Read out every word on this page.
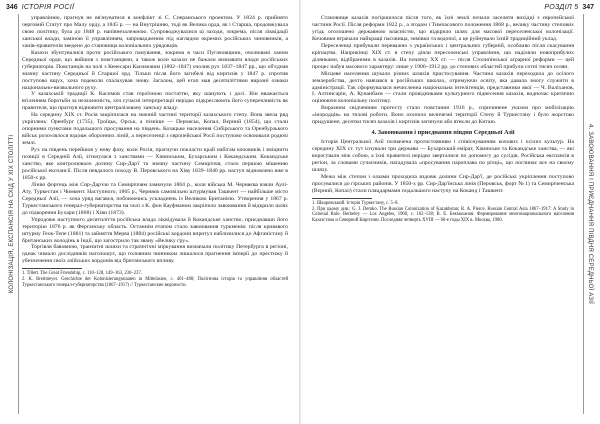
346 ІСТОРІЯ РОСІЇ
КОЛОНІЗАЦІЯ, ЕКСПАНСІЯ НА СХІД У XIX СТОЛІТТІ

управлінню, прагнув не вв'язуватися в конфлікт зі С. Сперанського проектом. У 1824 р. прийнято черговий Статут про Малу орду, а 1845 р. — на Внутрішню, тоді як Велика орда, як і Старша, продовжувала свою політику, була до 1848 р. напівнезалежною. Супроводжувалися ці заходи, зокрема, після ліквідації ханської влади, заміною її управлінням, запровадженим під наглядом окремих російських чиновників, а ханів-правителів зведено до становища колоніальних урядовців.

Казахи збунтувалися проти російського панування, зокрема в часи Пугачовщини, очолювані ханом Середньої орди, що вийшов з повстанцями, а також коли казахи не бажали визнавати влади російських губернаторів. Повстанців на чолі з Кенесари Касимовим (1802–1847) очолив рух 1837–1847 рр., що об'єднав значну частину Середньої й Старшої орд. Тільки після його загибелі від киргизів у 1847 р. спротив поступово вщух, хоча подеколи спалахував знову. Загалом, цей етап мав десятиліттями виразні ознаки національно-визвольного руху.

У казахській традиції К. Касимов став героїчною постаттю, яку шанують і досі. Він вважається втіленням боротьби за незалежність, хоч сучасні інтерпретації нерідко підкреслюють його суперечливість як правителя, що прагнув відновити централізовану ханську владу.

На середину XIX ст. Росія закріпилася на значній частині території казахського степу. Вона звела ряд укріплень: Оренбург (1735), Троїцьк, Орськ, а пізніше — Перовськ, Копал, Вєрний (1854), що стали опорними пунктами подальшого просування на південь. Козацьке населення Сибірського та Оренбурзького військ розселялося вздовж оборонних ліній, а переселенці з європейської Росії поступово освоювали родючі землі.

Рух на південь перейшов у нову фазу, коли Росія, прагнучи покласти край набігам кочовиків і зміцнити позиції в Середній Азії, зіткнулася з ханствами — Хівинським, Бухарським і Кокандським. Кокандське ханство, яке контролювало долину Сир-Дар'ї та значну частину Семиріччя, стало першою мішенню російської експансії. Після невдалого походу В. Перовського на Хіву 1839–1840 рр. наступ відновлено вже в 1850-х рр.

Лінію фортець між Сир-Дар'єю та Семиріччям замкнули 1864 р., коли війська М. Черняєва взяли Аулі-Ату, Туркестан і Чимкент. Наступного, 1865 р., Черняєв самовільно штурмував Ташкент — найбільше місто Середньої Азії, — хоча уряд вагався, побоюючись ускладнень із Великою Британією. Утворення у 1867 р. Туркестанського генерал-губернаторства на чолі з К. фон Кауфманом закріпило завоювання й відкрило шлях до підкорення Бухари (1868) і Хіви (1873).

Упродовж наступного десятиліття російська влада ліквідувала й Кокандське ханство, приєднавши його територію 1876 р. як Ферганську область. Останнім етапом стало завоювання туркменів: після кривавого штурму Геок-Тепе (1881) та зайняття Мерва (1884) російські кордони впритул наблизилися до Афганістану й британських володінь в Індії, що загострило так звану «Велику гру».

Торгівля бавовною, транзитні шляхи та стратегічні міркування визначали політику Петербурга в регіоні, однак чимало дослідників наголошує, що головним чинником лишалося прагнення імперії до престижу й убезпечення своїх азійських кордонів від британського впливу.

1. Tillett. The Great Friendship, с. 110–128, 149–163, 230–237.

2. K. Breitmeyer. Geschichte der Kolonisierungsstaaten in Mittelasien, c. 401–488; Політична історія та управління областей Туркестанського генерал-губернаторства (1867–1917) // Туркестанские ведомости.

РОЗДІЛ 5 347
4. ЗАВОЮВАННЯ І ПРИЄДНАННЯ ПІВДНЯ СЕРЕДНЬОЇ АЗІЇ

Становище казахів погіршилося після того, як їхні землі почали заселяти вихідці з європейської частини Росії. Після реформи 1822 р., а згодом і Тимчасового положення 1868 р., велику частину степових угідь оголошено державною власністю, що відкрило шлях для масової переселенської колонізації. Кочовики втрачали найкращі пасовища, зимівки та водопої, а це руйнувало їхній традиційний уклад.

Переселенці прибували переважно з українських і центральних губерній, особливо після скасування кріпацтва. Наприкінці XIX ст. в степу діяли переселенські управління, що наділяли новоприбулих ділянками, відібраними в казахів. На початку XX ст. — після Столипінської аграрної реформи — цей процес набув масового характеру: лише у 1906–1912 рр. до степових областей прибули сотні тисяч селян.

Місцеве населення шукало різних шляхів пристосування. Частина казахів переходила до осілого землеробства, дехто навчався в російських школах, отримуючи освіту, яка давала змогу служити в адміністрації. Так сформувалася нечисленна національна інтелігенція, представники якої — Ч. Валіханов, І. Алтинсарін, А. Кунанбаєв — стали провідниками культурного піднесення казахів, водночас критично оцінюючи колоніальну політику.

Виразним свідченням протесту стало повстання 1916 р., спричинене указом про мобілізацію «інородців» на тилові роботи. Воно охопило величезні території Степу й Туркестану і було жорстоко придушене; десятки тисяч казахів і киргизів загинули або втекли до Китаю.

4. Завоювання і приєднання півдня Середньої Азії

Історія Центральної Азії позначена протистоянням і співіснуванням кочових і осілих культур. На середину XIX ст. тут існували три держави — Бухарський емірат, Хівинське та Кокандське ханства, — які ворогували між собою, а їхні правителі нерідко зверталися по допомогу до сусідів. Російська експансія в регіон, за словами сучасників, нагадувала «просування пароплава по річці», що поглинає все на своєму шляху.

Межа між степом і оазами проходила вздовж долини Сир-Дар'ї, де російські укріплення поступово просувалися до гірських районів. У 1850-х рр. Сир-Дар'їнська лінія (Перовськ, форт № 1) та Семиріченська (Вєрний, Копал) стали плацдармами подальшого наступу на Коканд і Ташкент.

1. Шкаровський. Історія Туркестану, с. 5–8.

2. При цьому див.: G. J. Demko. The Russian Colonization of Kazakhstan; R. A. Pierce. Russian Central Asia 1867–1917: A Study in Colonial Rule. Berkeley — Los Angeles, 1960, с. 102–138; B. E. Бекмаханов. Формирование многонационального населения Казахстана и Северной Киргизии. Последняя четверть XVIII — 60-е годы XIX в. Москва, 1980.
